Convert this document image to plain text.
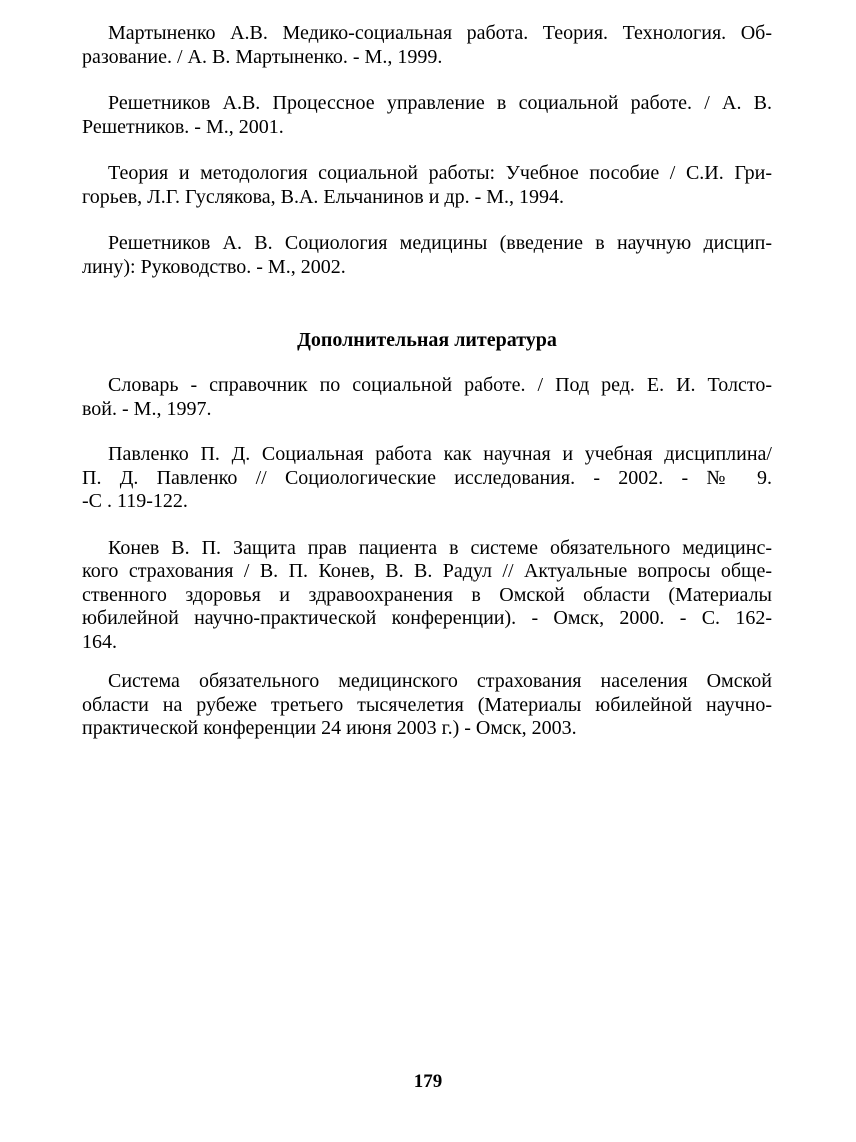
Мартыненко А.В. Медико-социальная работа. Теория. Технология. Об-
разование. / А. В. Мартыненко. - М., 1999.
Решетников А.В. Процессное управление в социальной работе. / А. В.
Решетников. - М., 2001.
Теория и методология социальной работы: Учебное пособие / С.И. Гри-
горьев, Л.Г. Гуслякова, В.А. Ельчанинов и др. - М., 1994.
Решетников А. В. Социология медицины (введение в научную дисцип-
лину): Руководство. - М., 2002.
Дополнительная литература
Словарь - справочник по социальной работе. / Под ред. Е. И. Толсто-
вой. - М., 1997.
Павленко П. Д. Социальная работа как научная и учебная дисциплина/
П. Д. Павленко // Социологические исследования. - 2002. - № 9.
-С . 119-122.
Конев В. П. Защита прав пациента в системе обязательного медицинс-
кого страхования / В. П. Конев, В. В. Радул // Актуальные вопросы обще-
ственного здоровья и здравоохранения в Омской области (Материалы
юбилейной научно-практической конференции). - Омск, 2000. - С. 162-
164.
Система обязательного медицинского страхования населения Омской
области на рубеже третьего тысячелетия (Материалы юбилейной научно-
практической конференции 24 июня 2003 г.) - Омск, 2003.
179
